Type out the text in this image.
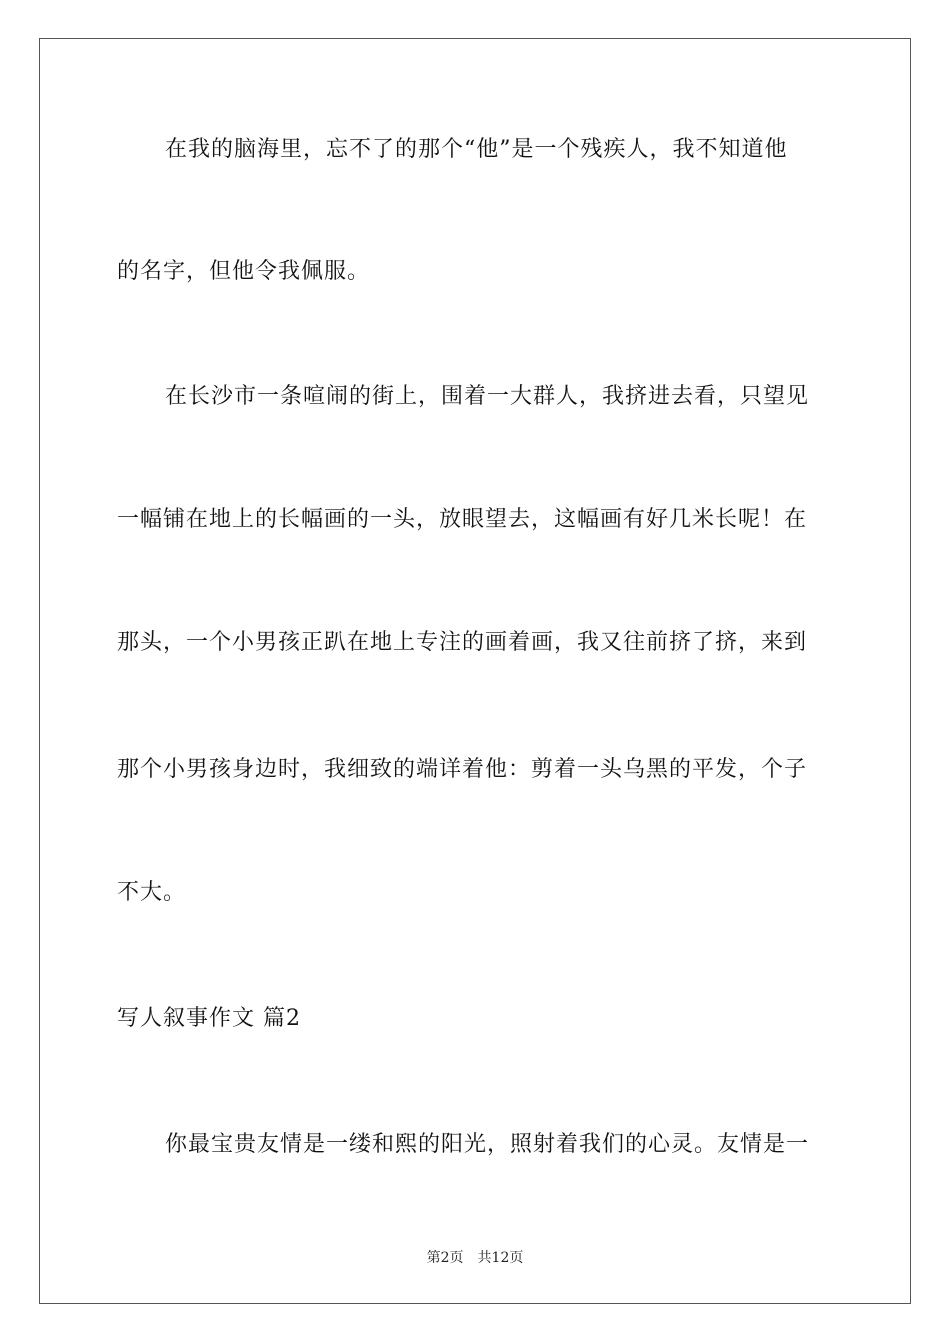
在我的脑海里，忘不了的那个“他”是一个残疾人，我不知道他
的名字，但他令我佩服。
在长沙市一条喧闹的街上，围着一大群人，我挤进去看，只望见
一幅铺在地上的长幅画的一头，放眼望去，这幅画有好几米长呢！在
那头，一个小男孩正趴在地上专注的画着画，我又往前挤了挤，来到
那个小男孩身边时，我细致的端详着他：剪着一头乌黑的平发，个子
不大。
写人叙事作文 篇2
你最宝贵友情是一缕和熙的阳光，照射着我们的心灵。友情是一
第2页 共12页
